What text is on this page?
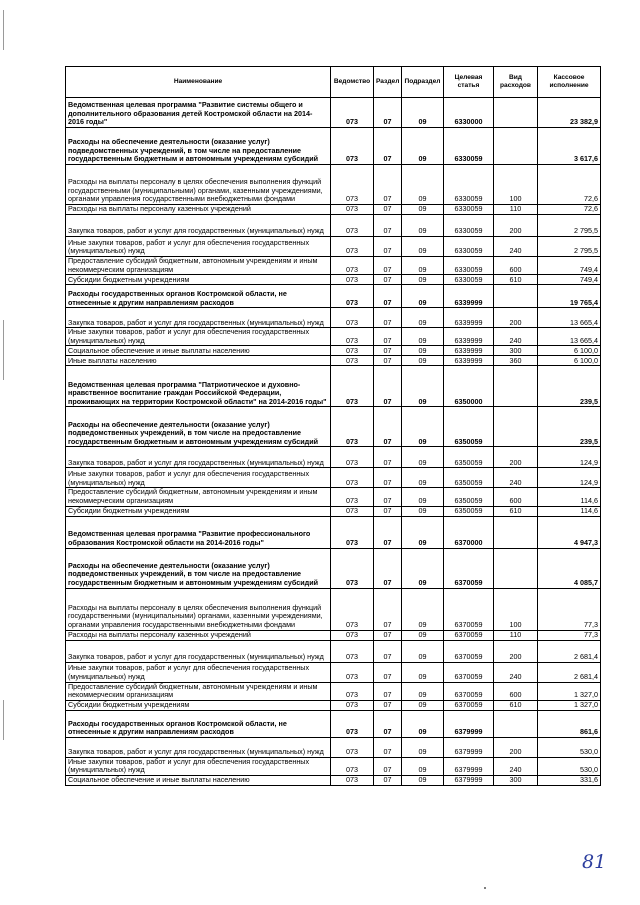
Наименование	Ведомство	Раздел	Подраздел	Целевая статья	Вид расходов	Кассовое исполнение
Ведомственная целевая программа "Развитие системы общего и дополнительного образования детей Костромской области на 2014-2016 годы"	073	07	09	6330000		23 382,9
Расходы на обеспечение деятельности (оказание услуг) подведомственных учреждений, в том числе на предоставление государственным бюджетным и автономным учреждениям субсидий	073	07	09	6330059		3 617,6
Расходы на выплаты персоналу в целях обеспечения выполнения функций государственными (муниципальными) органами, казенными учреждениями, органами управления государственными внебюджетными фондами	073	07	09	6330059	100	72,6
Расходы на выплаты персоналу казенных учреждений	073	07	09	6330059	110	72,6
Закупка товаров, работ и услуг для государственных (муниципальных) нужд	073	07	09	6330059	200	2 795,5
Иные закупки товаров, работ и услуг для обеспечения государственных (муниципальных) нужд	073	07	09	6330059	240	2 795,5
Предоставление субсидий бюджетным, автономным учреждениям и иным некоммерческим организациям	073	07	09	6330059	600	749,4
Субсидии бюджетным учреждениям	073	07	09	6330059	610	749,4
Расходы государственных органов Костромской области, не отнесенные к другим направлениям расходов	073	07	09	6339999		19 765,4
Закупка товаров, работ и услуг для государственных (муниципальных) нужд	073	07	09	6339999	200	13 665,4
Иные закупки товаров, работ и услуг для обеспечения государственных (муниципальных) нужд	073	07	09	6339999	240	13 665,4
Социальное обеспечение и иные выплаты населению	073	07	09	6339999	300	6 100,0
Иные выплаты населению	073	07	09	6339999	360	6 100,0
Ведомственная целевая программа "Патриотическое и духовно-нравственное воспитание граждан Российской Федерации, проживающих на территории Костромской области" на 2014-2016 годы"	073	07	09	6350000		239,5
Расходы на обеспечение деятельности (оказание услуг) подведомственных учреждений, в том числе на предоставление государственным бюджетным и автономным учреждениям субсидий	073	07	09	6350059		239,5
Закупка товаров, работ и услуг для государственных (муниципальных) нужд	073	07	09	6350059	200	124,9
Иные закупки товаров, работ и услуг для обеспечения государственных (муниципальных) нужд	073	07	09	6350059	240	124,9
Предоставление субсидий бюджетным, автономным учреждениям и иным некоммерческим организациям	073	07	09	6350059	600	114,6
Субсидии бюджетным учреждениям	073	07	09	6350059	610	114,6
Ведомственная целевая программа "Развитие профессионального образования Костромской области на 2014-2016 годы"	073	07	09	6370000		4 947,3
Расходы на обеспечение деятельности (оказание услуг) подведомственных учреждений, в том числе на предоставление государственным бюджетным и автономным учреждениям субсидий	073	07	09	6370059		4 085,7
Расходы на выплаты персоналу в целях обеспечения выполнения функций государственными (муниципальными) органами, казенными учреждениями, органами управления государственными внебюджетными фондами	073	07	09	6370059	100	77,3
Расходы на выплаты персоналу казенных учреждений	073	07	09	6370059	110	77,3
Закупка товаров, работ и услуг для государственных (муниципальных) нужд	073	07	09	6370059	200	2 681,4
Иные закупки товаров, работ и услуг для обеспечения государственных (муниципальных) нужд	073	07	09	6370059	240	2 681,4
Предоставление субсидий бюджетным, автономным учреждениям и иным некоммерческим организациям	073	07	09	6370059	600	1 327,0
Субсидии бюджетным учреждениям	073	07	09	6370059	610	1 327,0
Расходы государственных органов Костромской области, не отнесенные к другим направлениям расходов	073	07	09	6379999		861,6
Закупка товаров, работ и услуг для государственных (муниципальных) нужд	073	07	09	6379999	200	530,0
Иные закупки товаров, работ и услуг для обеспечения государственных (муниципальных) нужд	073	07	09	6379999	240	530,0
Социальное обеспечение и иные выплаты населению	073	07	09	6379999	300	331,6
81
